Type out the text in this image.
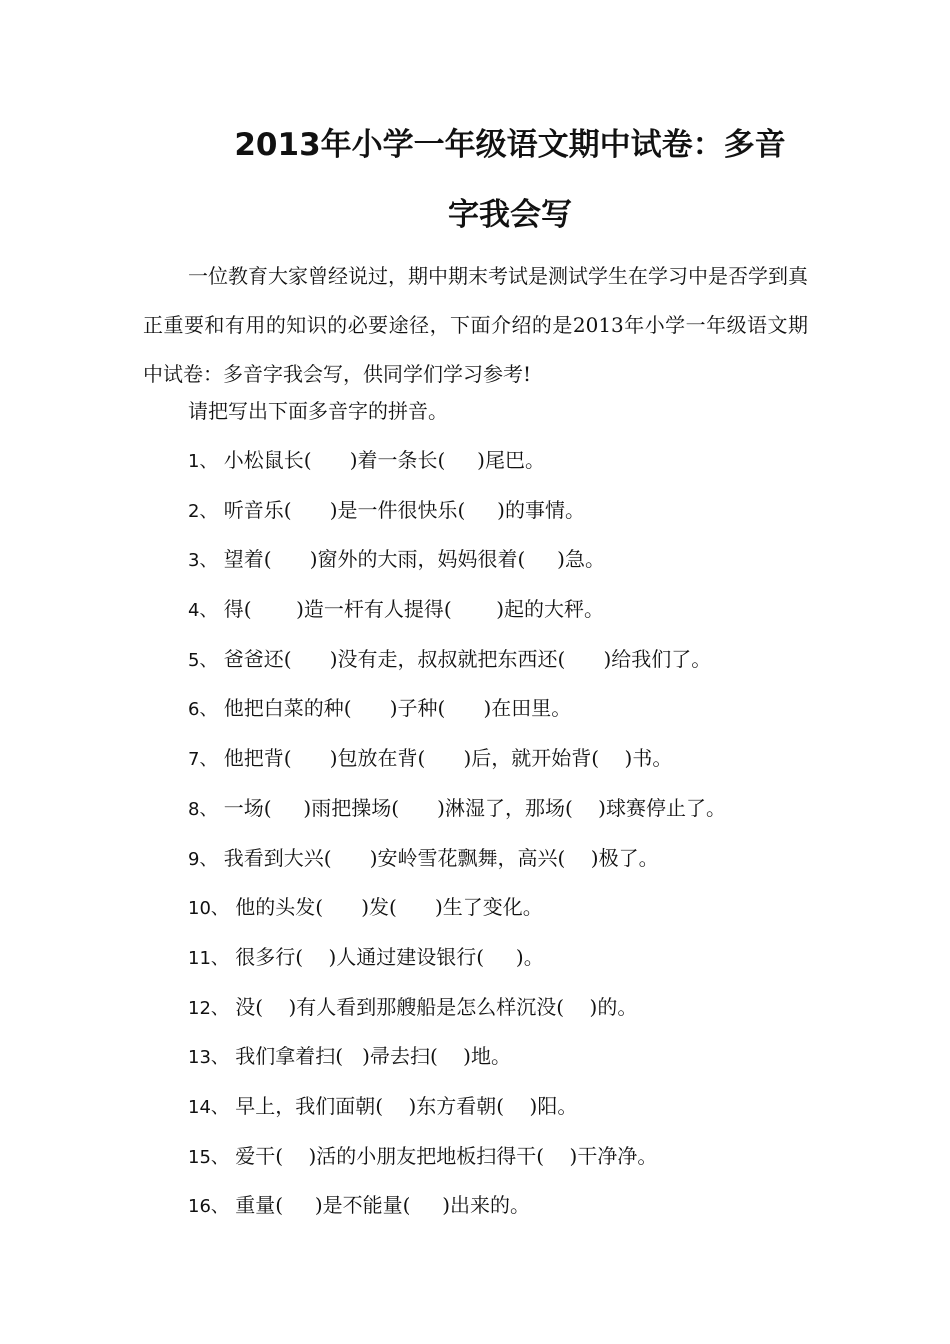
2013年小学一年级语文期中试卷：多音
字我会写

一位教育大家曾经说过，期中期末考试是测试学生在学习中是否学到真正重要和有用的知识的必要途径，下面介绍的是2013年小学一年级语文期中试卷：多音字我会写，供同学们学习参考!

请把写出下面多音字的拼音。

1、 小松鼠长(      )着一条长(     )尾巴。
2、 听音乐(      )是一件很快乐(     )的事情。
3、 望着(      )窗外的大雨，妈妈很着(     )急。
4、 得(       )造一杆有人提得(       )起的大秤。
5、 爸爸还(      )没有走，叔叔就把东西还(      )给我们了。
6、 他把白菜的种(      )子种(      )在田里。
7、 他把背(      )包放在背(      )后，就开始背(    )书。
8、 一场(     )雨把操场(      )淋湿了，那场(    )球赛停止了。
9、 我看到大兴(      )安岭雪花飘舞，高兴(    )极了。
10、 他的头发(      )发(      )生了变化。
11、 很多行(    )人通过建设银行(     )。
12、 没(    )有人看到那艘船是怎么样沉没(    )的。
13、 我们拿着扫(   )帚去扫(    )地。
14、 早上，我们面朝(    )东方看朝(    )阳。
15、 爱干(    )活的小朋友把地板扫得干(    )干净净。
16、 重量(     )是不能量(     )出来的。
